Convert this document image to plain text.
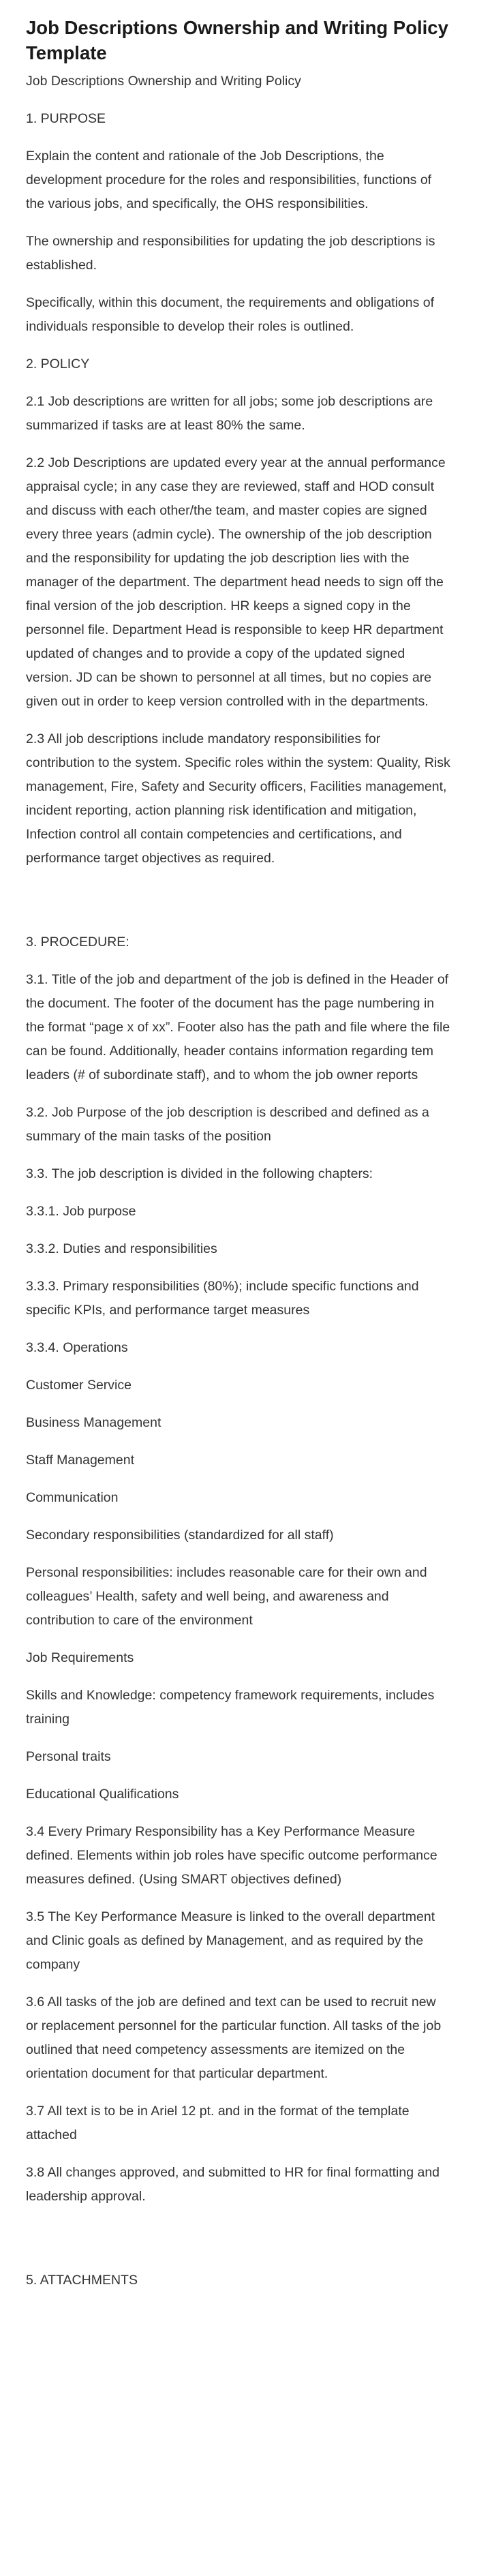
Job Descriptions Ownership and Writing Policy Template

Job Descriptions Ownership and Writing Policy

1. PURPOSE

Explain the content and rationale of the Job Descriptions, the development procedure for the roles and responsibilities, functions of the various jobs, and specifically, the OHS responsibilities.

The ownership and responsibilities for updating the job descriptions is established.

Specifically, within this document, the requirements and obligations of individuals responsible to develop their roles is outlined.

2. POLICY

2.1 Job descriptions are written for all jobs; some job descriptions are summarized if tasks are at least 80% the same.

2.2 Job Descriptions are updated every year at the annual performance appraisal cycle; in any case they are reviewed, staff and HOD consult and discuss with each other/the team, and master copies are signed every three years (admin cycle). The ownership of the job description and the responsibility for updating the job description lies with the manager of the department. The department head needs to sign off the final version of the job description. HR keeps a signed copy in the personnel file. Department Head is responsible to keep HR department updated of changes and to provide a copy of the updated signed version. JD can be shown to personnel at all times, but no copies are given out in order to keep version controlled with in the departments.

2.3 All job descriptions include mandatory responsibilities for contribution to the system. Specific roles within the system: Quality, Risk management, Fire, Safety and Security officers, Facilities management, incident reporting, action planning risk identification and mitigation, Infection control all contain competencies and certifications, and performance target objectives as required.

3. PROCEDURE:

3.1. Title of the job and department of the job is defined in the Header of the document. The footer of the document has the page numbering in the format “page x of xx”. Footer also has the path and file where the file can be found. Additionally, header contains information regarding tem leaders (# of subordinate staff), and to whom the job owner reports

3.2. Job Purpose of the job description is described and defined as a summary of the main tasks of the position

3.3. The job description is divided in the following chapters:

3.3.1. Job purpose

3.3.2. Duties and responsibilities

3.3.3. Primary responsibilities (80%); include specific functions and specific KPIs, and performance target measures

3.3.4. Operations

Customer Service

Business Management

Staff Management

Communication

Secondary responsibilities (standardized for all staff)

Personal responsibilities: includes reasonable care for their own and colleagues’ Health, safety and well being, and awareness and contribution to care of the environment

Job Requirements

Skills and Knowledge: competency framework requirements, includes training

Personal traits

Educational Qualifications

3.4 Every Primary Responsibility has a Key Performance Measure defined. Elements within job roles have specific outcome performance measures defined. (Using SMART objectives defined)

3.5 The Key Performance Measure is linked to the overall department and Clinic goals as defined by Management, and as required by the company

3.6 All tasks of the job are defined and text can be used to recruit new or replacement personnel for the particular function. All tasks of the job outlined that need competency assessments are itemized on the orientation document for that particular department.

3.7 All text is to be in Ariel 12 pt. and in the format of the template attached

3.8 All changes approved, and submitted to HR for final formatting and leadership approval.

5. ATTACHMENTS
